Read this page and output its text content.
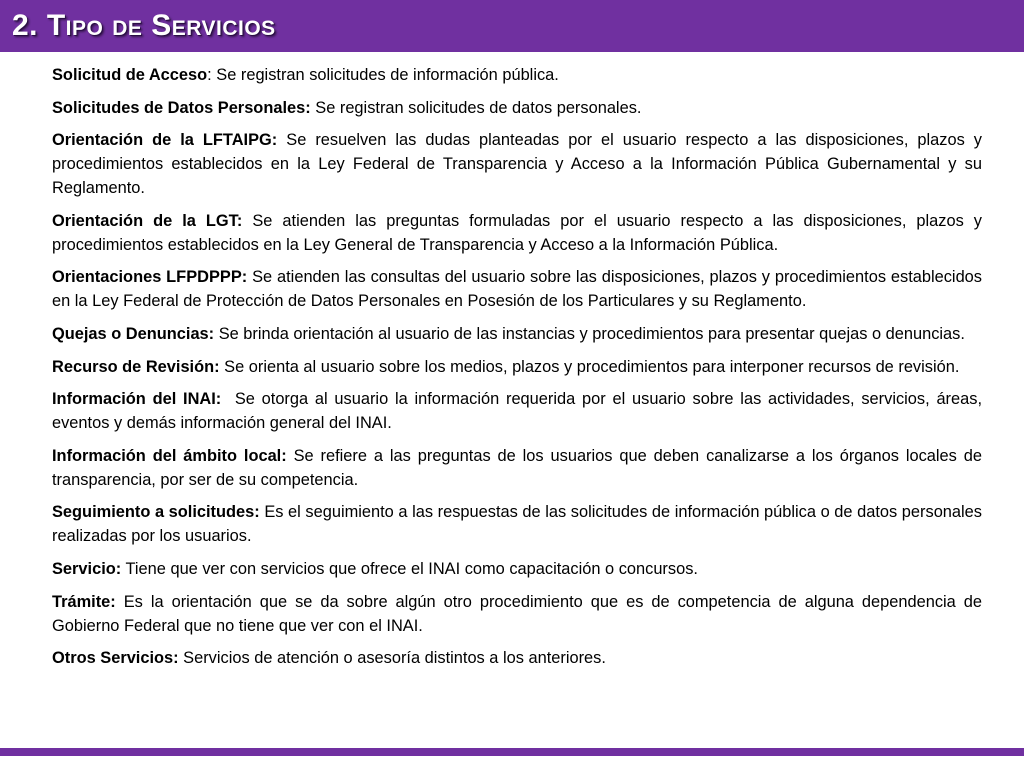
2. Tipo de Servicios

Solicitud de Acceso: Se registran solicitudes de información pública.

Solicitudes de Datos Personales: Se registran solicitudes de datos personales.

Orientación de la LFTAIPG: Se resuelven las dudas planteadas por el usuario respecto a las disposiciones, plazos y procedimientos establecidos en la Ley Federal de Transparencia y Acceso a la Información Pública Gubernamental y su Reglamento.

Orientación de la LGT: Se atienden las preguntas formuladas por el usuario respecto a las disposiciones, plazos y procedimientos establecidos en la Ley General de Transparencia y Acceso a la Información Pública.

Orientaciones LFPDPPP: Se atienden las consultas del usuario sobre las disposiciones, plazos y procedimientos establecidos en la Ley Federal de Protección de Datos Personales en Posesión de los Particulares y su Reglamento.

Quejas o Denuncias: Se brinda orientación al usuario de las instancias y procedimientos para presentar quejas o denuncias.

Recurso de Revisión: Se orienta al usuario sobre los medios, plazos y procedimientos para interponer recursos de revisión.

Información del INAI:  Se otorga al usuario la información requerida por el usuario sobre las actividades, servicios, áreas, eventos y demás información general del INAI.

Información del ámbito local: Se refiere a las preguntas de los usuarios que deben canalizarse a los órganos locales de transparencia, por ser de su competencia.

Seguimiento a solicitudes: Es el seguimiento a las respuestas de las solicitudes de información pública o de datos personales realizadas por los usuarios.

Servicio: Tiene que ver con servicios que ofrece el INAI como capacitación o concursos.

Trámite: Es la orientación que se da sobre algún otro procedimiento que es de competencia de alguna dependencia de Gobierno Federal que no tiene que ver con el INAI.

Otros Servicios: Servicios de atención o asesoría distintos a los anteriores.
